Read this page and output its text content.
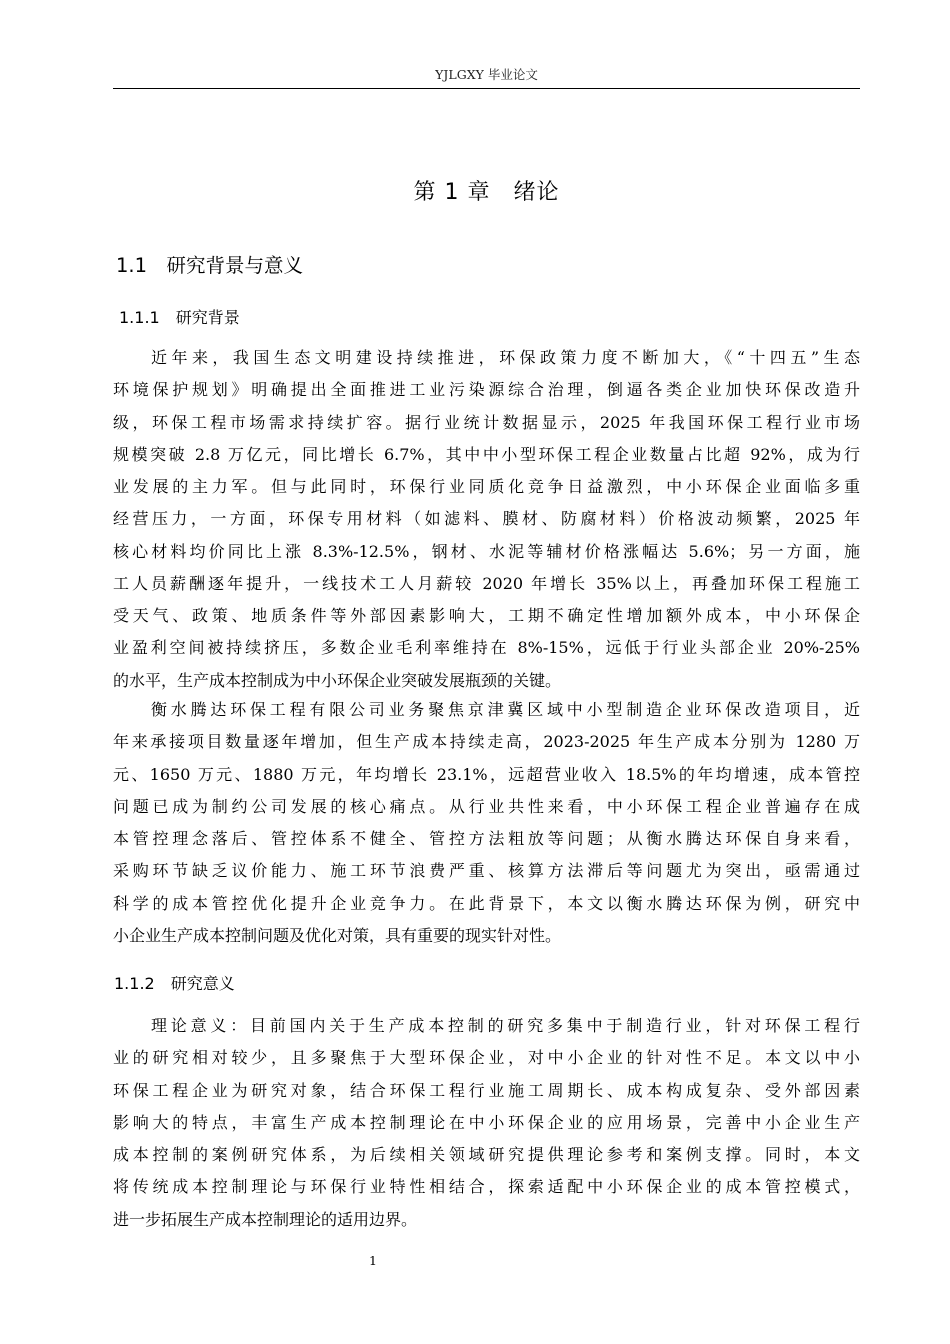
YJLGXY 毕业论文
第 1 章　绪论
1.1　研究背景与意义
1.1.1　研究背景
近年来，我国生态文明建设持续推进，环保政策力度不断加大，《“十四五”生态
环境保护规划》明确提出全面推进工业污染源综合治理，倒逼各类企业加快环保改造升
级，环保工程市场需求持续扩容。据行业统计数据显示，2025 年我国环保工程行业市场
规模突破 2.8 万亿元，同比增长 6.7%，其中中小型环保工程企业数量占比超 92%，成为行
业发展的主力军。但与此同时，环保行业同质化竞争日益激烈，中小环保企业面临多重
经营压力，一方面，环保专用材料（如滤料、膜材、防腐材料）价格波动频繁，2025 年
核心材料均价同比上涨 8.3%-12.5%，钢材、水泥等辅材价格涨幅达 5.6%；另一方面，施
工人员薪酬逐年提升，一线技术工人月薪较 2020 年增长 35%以上，再叠加环保工程施工
受天气、政策、地质条件等外部因素影响大，工期不确定性增加额外成本，中小环保企
业盈利空间被持续挤压，多数企业毛利率维持在 8%-15%，远低于行业头部企业 20%-25%
的水平，生产成本控制成为中小环保企业突破发展瓶颈的关键。
衡水腾达环保工程有限公司业务聚焦京津冀区域中小型制造企业环保改造项目，近
年来承接项目数量逐年增加，但生产成本持续走高，2023-2025 年生产成本分别为 1280 万
元、1650 万元、1880 万元，年均增长 23.1%，远超营业收入 18.5%的年均增速，成本管控
问题已成为制约公司发展的核心痛点。从行业共性来看，中小环保工程企业普遍存在成
本管控理念落后、管控体系不健全、管控方法粗放等问题；从衡水腾达环保自身来看，
采购环节缺乏议价能力、施工环节浪费严重、核算方法滞后等问题尤为突出，亟需通过
科学的成本管控优化提升企业竞争力。在此背景下，本文以衡水腾达环保为例，研究中
小企业生产成本控制问题及优化对策，具有重要的现实针对性。
1.1.2　研究意义
理论意义：目前国内关于生产成本控制的研究多集中于制造行业，针对环保工程行
业的研究相对较少，且多聚焦于大型环保企业，对中小企业的针对性不足。本文以中小
环保工程企业为研究对象，结合环保工程行业施工周期长、成本构成复杂、受外部因素
影响大的特点，丰富生产成本控制理论在中小环保企业的应用场景，完善中小企业生产
成本控制的案例研究体系，为后续相关领域研究提供理论参考和案例支撑。同时，本文
将传统成本控制理论与环保行业特性相结合，探索适配中小环保企业的成本管控模式，
进一步拓展生产成本控制理论的适用边界。
1
